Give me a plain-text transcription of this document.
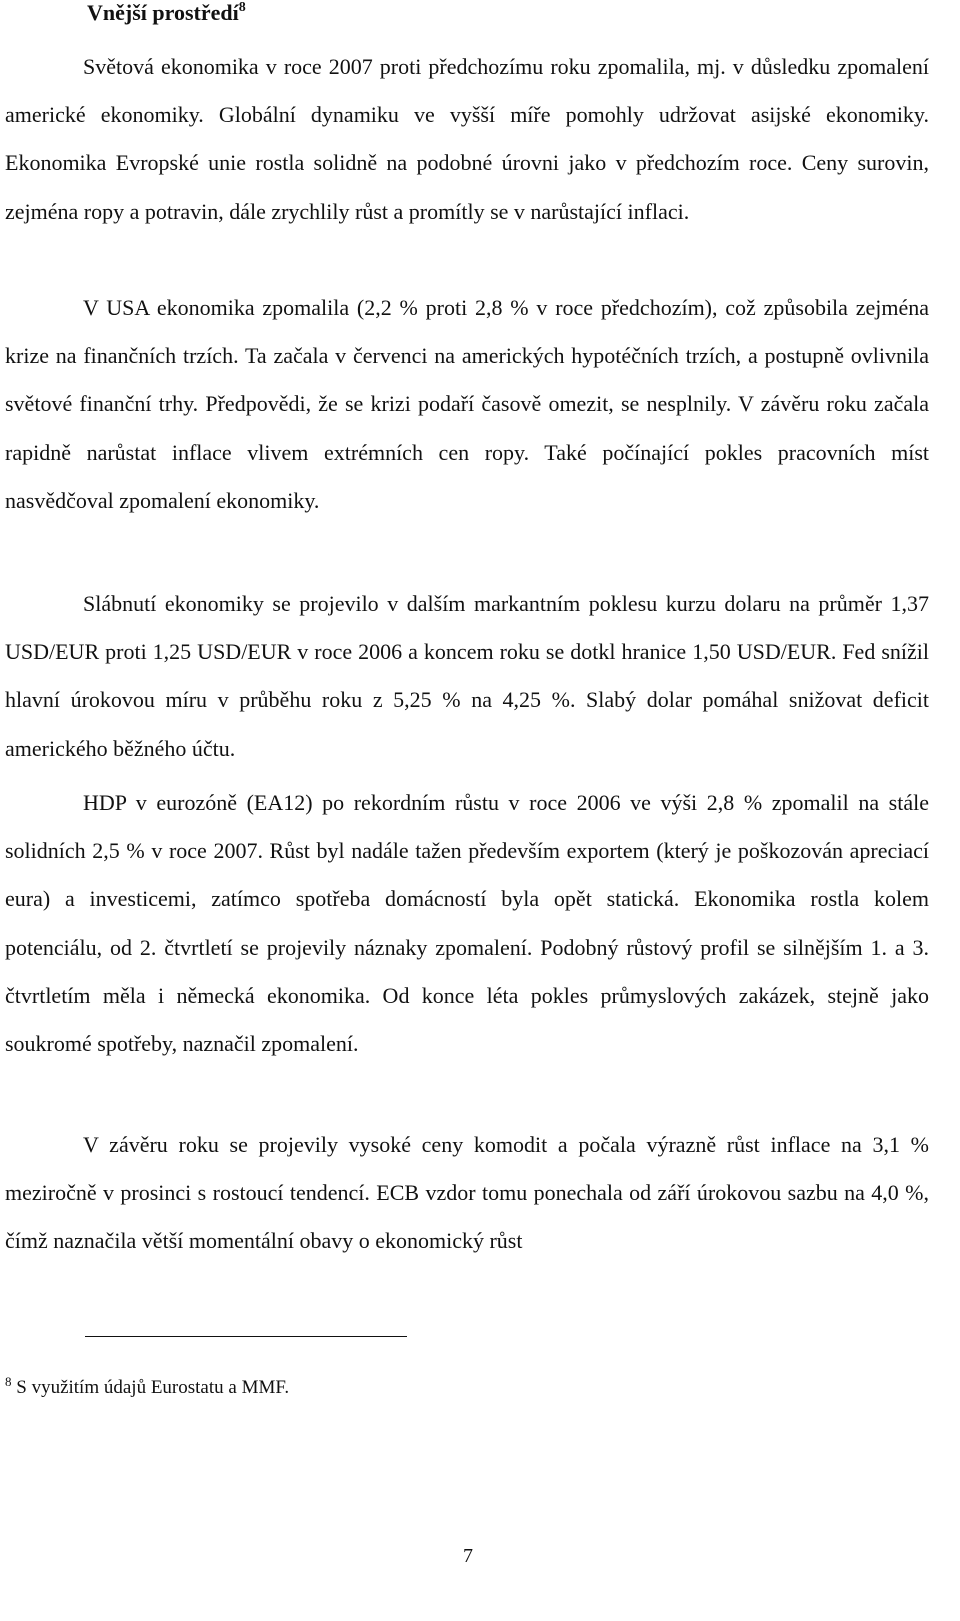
Vnější prostředí$^8$

Světová ekonomika v roce 2007 proti předchozímu roku zpomalila, mj. v důsledku zpomalení americké ekonomiky. Globální dynamiku ve vyšší míře pomohly udržovat asijské ekonomiky. Ekonomika Evropské unie rostla solidně na podobné úrovni jako v předchozím roce. Ceny surovin, zejména ropy a potravin, dále zrychlily růst a promítly se v narůstající inflaci.

V USA ekonomika zpomalila (2,2 % proti 2,8 % v roce předchozím), což způsobila zejména krize na finančních trzích. Ta začala v červenci na amerických hypotéčních trzích, a postupně ovlivnila světové finanční trhy. Předpovědi, že se krizi podaří časově omezit, se nesplnily. V závěru roku začala rapidně narůstat inflace vlivem extrémních cen ropy. Také počínající pokles pracovních míst nasvědčoval zpomalení ekonomiky.

Slábnutí ekonomiky se projevilo v dalším markantním poklesu kurzu dolaru na průměr 1,37 USD/EUR proti 1,25 USD/EUR v roce 2006 a koncem roku se dotkl hranice 1,50 USD/EUR. Fed snížil hlavní úrokovou míru v průběhu roku z 5,25 % na 4,25 %. Slabý dolar pomáhal snižovat deficit amerického běžného účtu.

HDP v eurozóně (EA12) po rekordním růstu v roce 2006 ve výši 2,8 % zpomalil na stále solidních 2,5 % v roce 2007. Růst byl nadále tažen především exportem (který je poškozován apreciací eura) a investicemi, zatímco spotřeba domácností byla opět statická. Ekonomika rostla kolem potenciálu, od 2. čtvrtletí se projevily náznaky zpomalení. Podobný růstový profil se silnějším 1. a 3. čtvrtletím měla i německá ekonomika. Od konce léta pokles průmyslových zakázek, stejně jako soukromé spotřeby, naznačil zpomalení.

V závěru roku se projevily vysoké ceny komodit a počala výrazně růst inflace na 3,1 % meziročně v prosinci s rostoucí tendencí. ECB vzdor tomu ponechala od září úrokovou sazbu na 4,0 %, čímž naznačila větší momentální obavy o ekonomický růst

$^8$ S využitím údajů Eurostatu a MMF.
7
